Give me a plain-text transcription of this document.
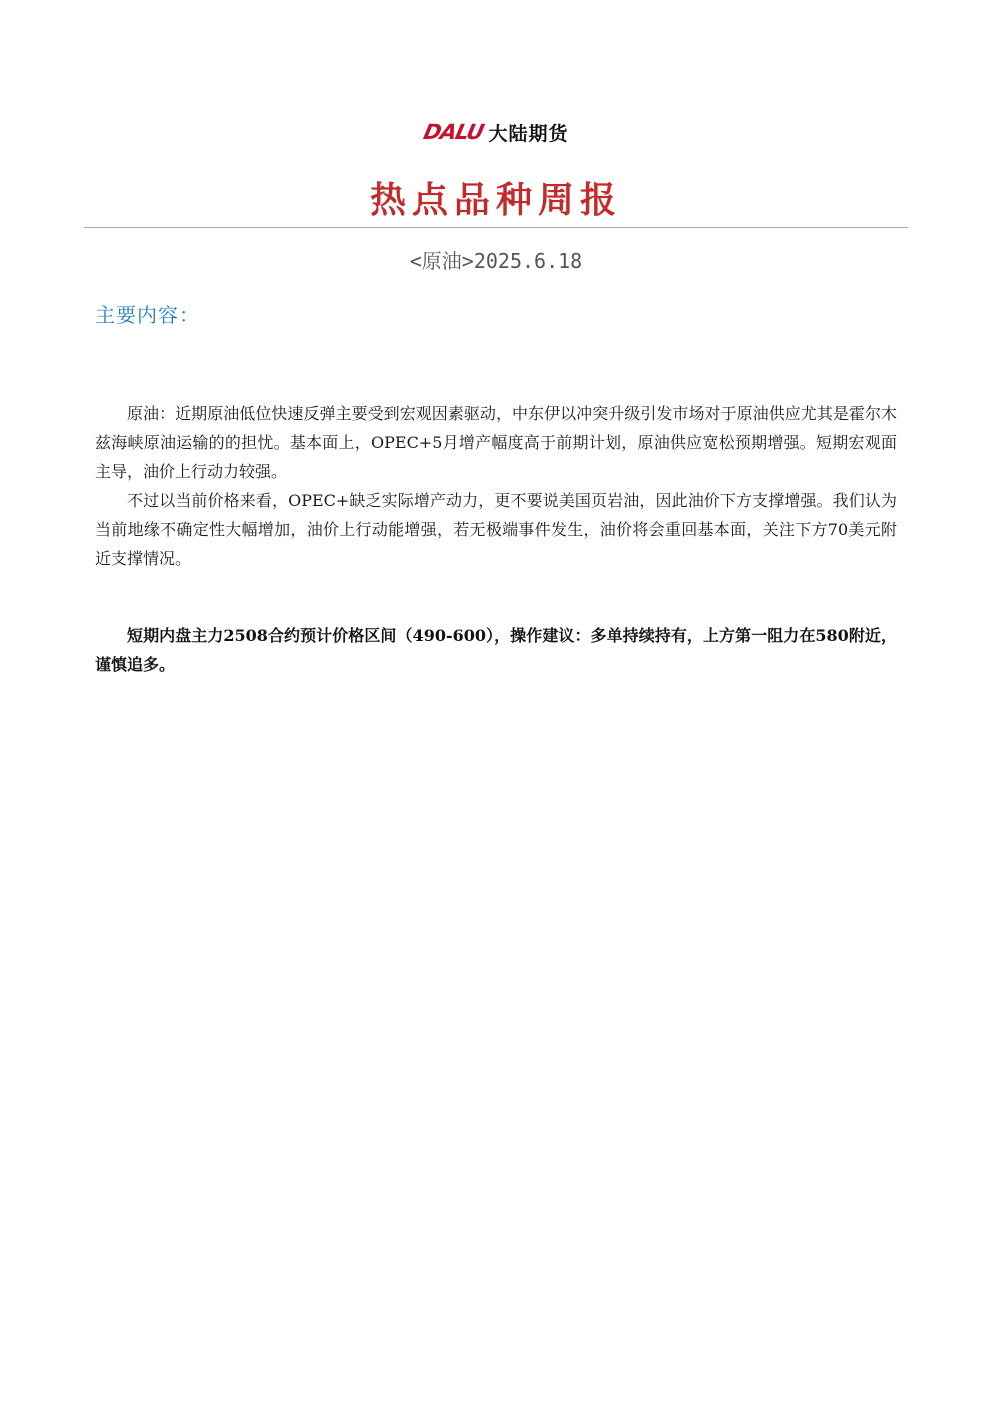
DALU 大陆期货
热点品种周报
<原油>2025.6.18
主要内容：

原油：近期原油低位快速反弹主要受到宏观因素驱动，中东伊以冲突升级引发市场对于原油供应尤其是霍尔木兹海峡原油运输的的担忧。基本面上，OPEC+5月增产幅度高于前期计划，原油供应宽松预期增强。短期宏观面主导，油价上行动力较强。

不过以当前价格来看，OPEC+缺乏实际增产动力，更不要说美国页岩油，因此油价下方支撑增强。我们认为当前地缘不确定性大幅增加，油价上行动能增强，若无极端事件发生，油价将会重回基本面，关注下方70美元附近支撑情况。

短期内盘主力2508合约预计价格区间（490-600），操作建议：多单持续持有，上方第一阻力在580附近，谨慎追多。
